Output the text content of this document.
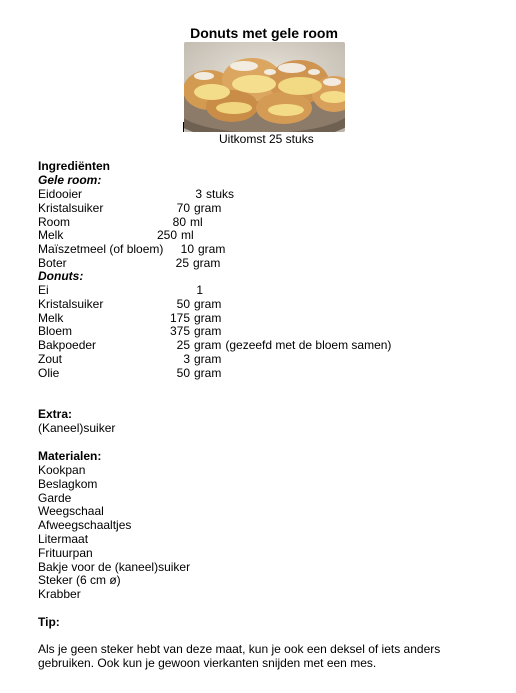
Donuts met gele room
Uitkomst 25 stuks
Ingrediënten
Gele room:
Eidooier	3 stuks
Kristalsuiker	70 gram
Room	80 ml
Melk	250 ml
Maïszetmeel (of bloem)	10 gram
Boter	25 gram
Donuts:
Ei	1
Kristalsuiker	50 gram
Melk	175 gram
Bloem	375 gram
Bakpoeder	25 gram (gezeefd met de bloem samen)
Zout	3 gram
Olie	50 gram
Extra:
(Kaneel)suiker
Materialen:
Kookpan
Beslagkom
Garde
Weegschaal
Afweegschaaltjes
Litermaat
Frituurpan
Bakje voor de (kaneel)suiker
Steker (6 cm ø)
Krabber
Tip:
Als je geen steker hebt van deze maat, kun je ook een deksel of iets anders
gebruiken. Ook kun je gewoon vierkanten snijden met een mes.
